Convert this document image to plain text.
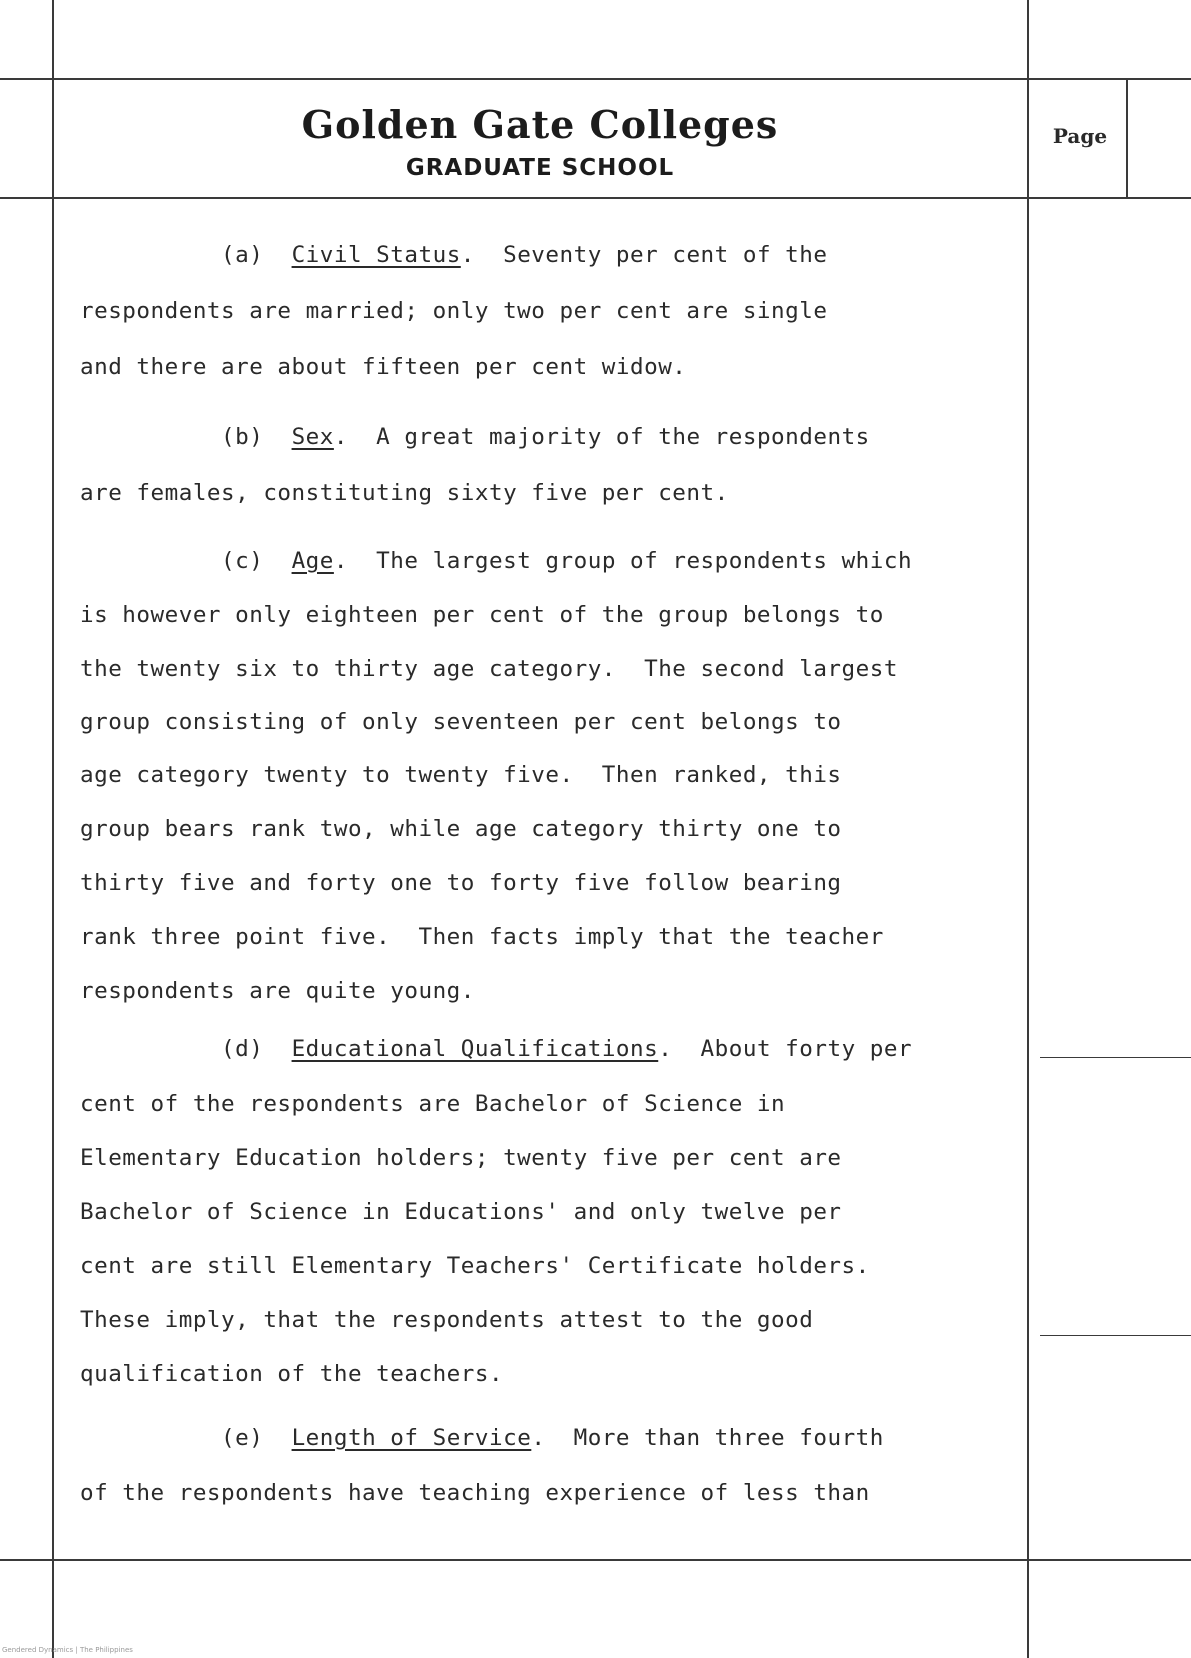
Golden Gate Colleges
GRADUATE SCHOOL
Page
(a) Civil Status.  Seventy per cent of the
respondents are married; only two per cent are single
and there are about fifteen per cent widow.
(b) Sex.  A great majority of the respondents
are females, constituting sixty five per cent.
(c) Age.  The largest group of respondents which
is however only eighteen per cent of the group belongs to
the twenty six to thirty age category.  The second largest
group consisting of only seventeen per cent belongs to
age category twenty to twenty five.  Then ranked, this
group bears rank two, while age category thirty one to
thirty five and forty one to forty five follow bearing
rank three point five.  Then facts imply that the teacher
respondents are quite young.
(d) Educational Qualifications.  About forty per
cent of the respondents are Bachelor of Science in
Elementary Education holders; twenty five per cent are
Bachelor of Science in Educations' and only twelve per
cent are still Elementary Teachers' Certificate holders.
These imply, that the respondents attest to the good
qualification of the teachers.
(e) Length of Service.  More than three fourth
of the respondents have teaching experience of less than
Gendered Dynamics | The Philippines
